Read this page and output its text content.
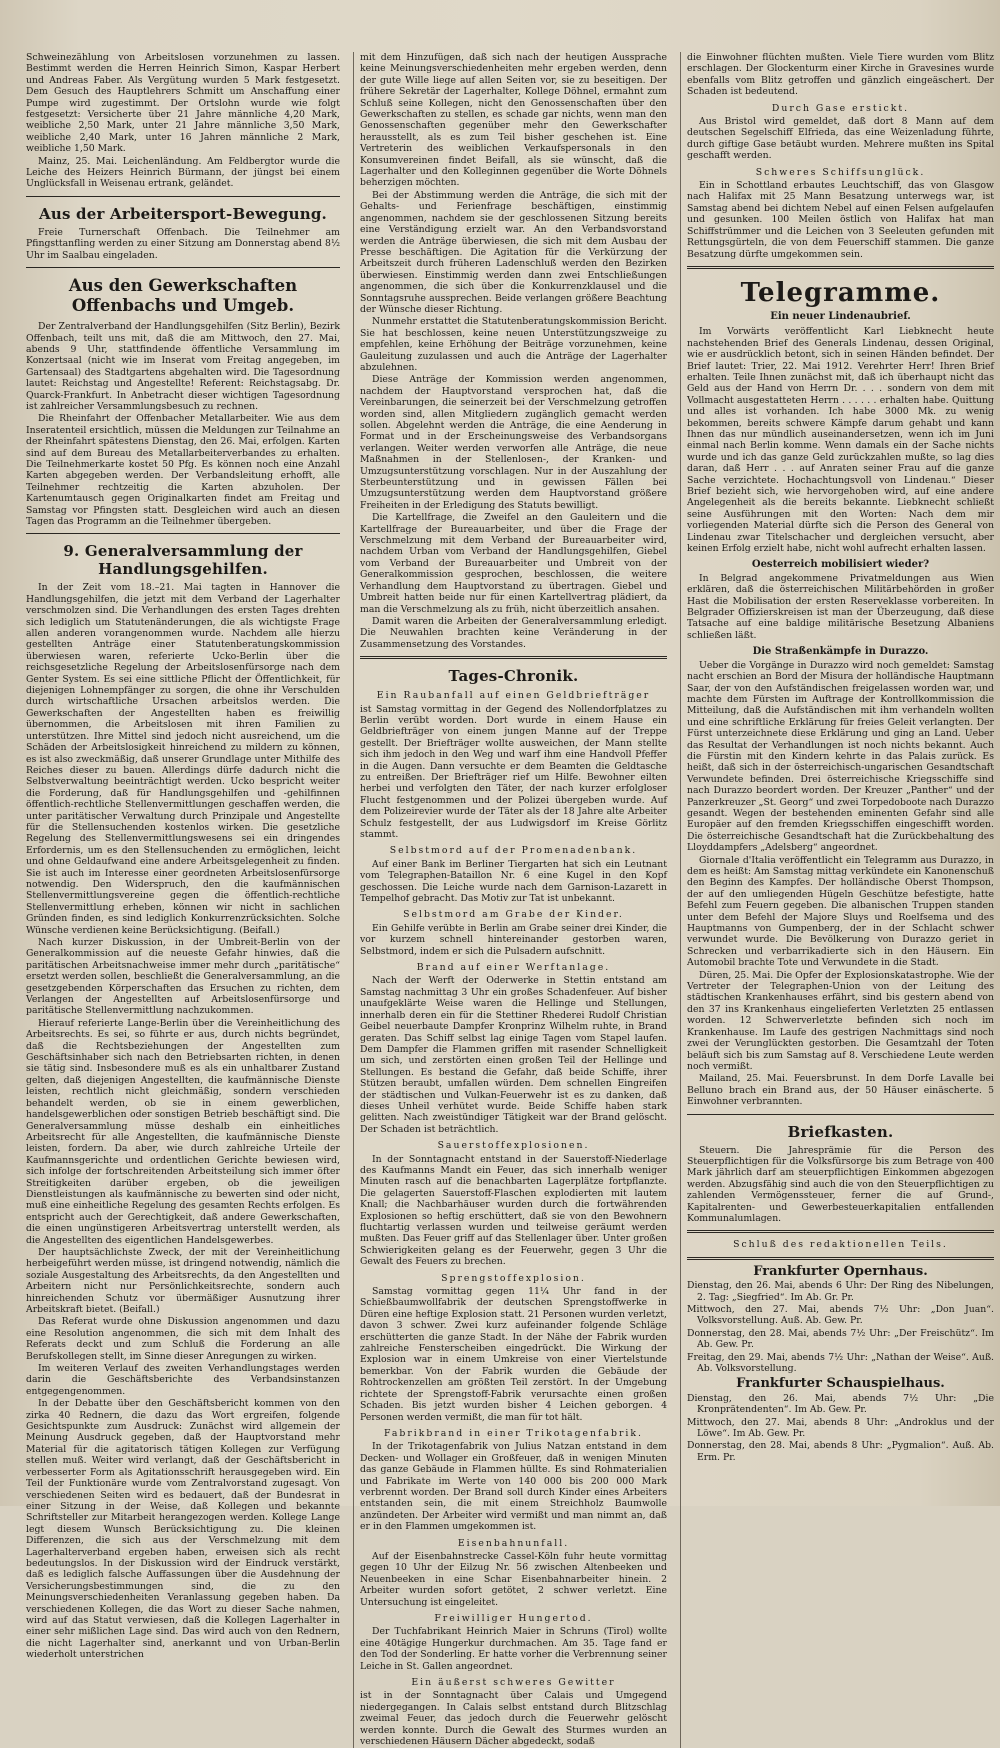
Schweinezählung von Arbeitslosen vorzunehmen zu lassen. Bestimmt werden die Herren Heinrich Simon, Kaspar Herbert und Andreas Faber. Als Vergütung wurden 5 Mark festgesetzt. Dem Gesuch des Hauptlehrers Schmitt um Anschaffung einer Pumpe wird zugestimmt. Der Ortslohn wurde wie folgt festgesetzt: Versicherte über 21 Jahre männliche 4,20 Mark, weibliche 2,50 Mark, unter 21 Jahre männliche 3,50 Mark, weibliche 2,40 Mark, unter 16 Jahren männliche 2 Mark, weibliche 1,50 Mark.

Mainz, 25. Mai. Leichenländung. Am Feldbergtor wurde die Leiche des Heizers Heinrich Bürmann, der jüngst bei einem Unglücksfall in Weisenau ertrank, geländet.

Aus der Arbeitersport-Bewegung.

Freie Turnerschaft Offenbach. Die Teilnehmer am Pfingsttanfling werden zu einer Sitzung am Donnerstag abend 8½ Uhr im Saalbau eingeladen.

Aus den Gewerkschaften Offenbachs und Umgeb.

Der Zentralverband der Handlungsgehilfen (Sitz Berlin), Bezirk Offenbach, teilt uns mit, daß die am Mittwoch, den 27. Mai, abends 9 Uhr, stattfindende öffentliche Versammlung im Konzertsaal (nicht wie im Inserat vom Freitag angegeben, im Gartensaal) des Stadtgartens abgehalten wird. Die Tagesordnung lautet: Reichstag und Angestellte! Referent: Reichstagsabg. Dr. Quarck-Frankfurt. In Anbetracht dieser wichtigen Tagesordnung ist zahlreicher Versammlungsbesuch zu rechnen.

Die Rheinfahrt der Offenbacher Metallarbeiter. Wie aus dem Inseratenteil ersichtlich, müssen die Meldungen zur Teilnahme an der Rheinfahrt spätestens Dienstag, den 26. Mai, erfolgen. Karten sind auf dem Bureau des Metallarbeiterverbandes zu erhalten. Die Teilnehmerkarte kostet 50 Pfg. Es können noch eine Anzahl Karten abgegeben werden. Der Verbandsleitung erhofft, alle Teilnehmer rechtzeitig die Karten abzuholen. Der Kartenumtausch gegen Originalkarten findet am Freitag und Samstag vor Pfingsten statt. Desgleichen wird auch an diesen Tagen das Programm an die Teilnehmer übergeben.

9. Generalversammlung der Handlungsgehilfen.

In der Zeit vom 18.–21. Mai tagten in Hannover die Handlungsgehilfen, die jetzt mit dem Verband der Lagerhalter verschmolzen sind. Die Verhandlungen des ersten Tages drehten sich lediglich um Statutenänderungen, die als wichtigste Frage allen anderen vorangenommen wurde. Nachdem alle hierzu gestellten Anträge einer Statutenberatungskommission überwiesen waren, referierte Ucko-Berlin über die reichsgesetzliche Regelung der Arbeitslosenfürsorge nach dem Genter System. Es sei eine sittliche Pflicht der Öffentlichkeit, für diejenigen Lohnempfänger zu sorgen, die ohne ihr Verschulden durch wirtschaftliche Ursachen arbeitslos werden. Die Gewerkschaften der Angestellten haben es freiwillig übernommen, die Arbeitslosen mit ihren Familien zu unterstützen. Ihre Mittel sind jedoch nicht ausreichend, um die Schäden der Arbeitslosigkeit hinreichend zu mildern zu können, es ist also zweckmäßig, daß unserer Grundlage unter Mithilfe des Reiches dieser zu bauen. Allerdings dürfe dadurch nicht die Selbstverwaltung beeinträchtigt werden. Ucko bespricht weiter die Forderung, daß für Handlungsgehilfen und -gehilfinnen öffentlich-rechtliche Stellenvermittlungen geschaffen werden, die unter paritätischer Verwaltung durch Prinzipale und Angestellte für die Stellensuchenden kostenlos wirken. Die gesetzliche Regelung des Stellenvermittlungswesens sei ein dringendes Erfordernis, um es den Stellensuchenden zu ermöglichen, leicht und ohne Geldaufwand eine andere Arbeitsgelegenheit zu finden. Sie ist auch im Interesse einer geordneten Arbeitslosenfürsorge notwendig. Den Widerspruch, den die kaufmännischen Stellenvermittlungsvereine gegen die öffentlich-rechtliche Stellenvermittlung erheben, können wir nicht in sachlichen Gründen finden, es sind lediglich Konkurrenzrücksichten. Solche Wünsche verdienen keine Berücksichtigung. (Beifall.)

Nach kurzer Diskussion, in der Umbreit-Berlin von der Generalkommission auf die neueste Gefahr hinwies, daß die paritätischen Arbeitsnachweise immer mehr durch „paritätische“ ersetzt werden sollen, beschließt die Generalversammlung, an die gesetzgebenden Körperschaften das Ersuchen zu richten, dem Verlangen der Angestellten auf Arbeitslosenfürsorge und paritätische Stellenvermittlung nachzukommen.

Hierauf referierte Lange-Berlin über die Vereinheitlichung des Arbeitsrechts. Es sei, so führte er aus, durch nichts begründet, daß die Rechtsbeziehungen der Angestellten zum Geschäftsinhaber sich nach den Betriebsarten richten, in denen sie tätig sind. Insbesondere muß es als ein unhaltbarer Zustand gelten, daß diejenigen Angestellten, die kaufmännische Dienste leisten, rechtlich nicht gleichmäßig, sondern verschieden behandelt werden, ob sie in einem gewerblichen, handelsgewerblichen oder sonstigen Betrieb beschäftigt sind. Die Generalversammlung müsse deshalb ein einheitliches Arbeitsrecht für alle Angestellten, die kaufmännische Dienste leisten, fordern. Da aber, wie durch zahlreiche Urteile der Kaufmannsgerichte und ordentlichen Gerichte bewiesen wird, sich infolge der fortschreitenden Arbeitsteilung sich immer öfter Streitigkeiten darüber ergeben, ob die jeweiligen Dienstleistungen als kaufmännische zu bewerten sind oder nicht, muß eine einheitliche Regelung des gesamten Rechts erfolgen. Es entspricht auch der Gerechtigkeit, daß andere Gewerkschaften, die einen ungünstigeren Arbeitsvertrag unterstellt werden, als die Angestellten des eigentlichen Handelsgewerbes.

Der hauptsächlichste Zweck, der mit der Vereinheitlichung herbeigeführt werden müsse, ist dringend notwendig, nämlich die soziale Ausgestaltung des Arbeitsrechts, da den Angestellten und Arbeitern nicht nur Persönlichkeitsrechte, sondern auch hinreichenden Schutz vor übermäßiger Ausnutzung ihrer Arbeitskraft bietet. (Beifall.)

Das Referat wurde ohne Diskussion angenommen und dazu eine Resolution angenommen, die sich mit dem Inhalt des Referats deckt und zum Schluß die Forderung an alle Berufskollegen stellt, im Sinne dieser Anregungen zu wirken.

Im weiteren Verlauf des zweiten Verhandlungstages werden darin die Geschäftsberichte des Verbandsinstanzen entgegengenommen.

In der Debatte über den Geschäftsbericht kommen von den zirka 40 Rednern, die dazu das Wort ergreifen, folgende Gesichtspunkte zum Ausdruck: Zunächst wird allgemein der Meinung Ausdruck gegeben, daß der Hauptvorstand mehr Material für die agitatorisch tätigen Kollegen zur Verfügung stellen muß. Weiter wird verlangt, daß der Geschäftsbericht in verbesserter Form als Agitationsschrift herausgegeben wird. Ein Teil der Funktionäre wurde vom Zentralvorstand zugesagt. Von verschiedenen Seiten wird es bedauert, daß der Bundesrat in einer Sitzung in der Weise, daß Kollegen und bekannte Schriftsteller zur Mitarbeit herangezogen werden. Kollege Lange legt diesem Wunsch Berücksichtigung zu. Die kleinen Differenzen, die sich aus der Verschmelzung mit dem Lagerhalterverband ergeben haben, erweisen sich als recht bedeutungslos. In der Diskussion wird der Eindruck verstärkt, daß es lediglich falsche Auffassungen über die Ausdehnung der Versicherungsbestimmungen sind, die zu den Meinungsverschiedenheiten Veranlassung gegeben haben. Da verschiedenen Kollegen, die das Wort zu dieser Sache nahmen, wird auf das Statut verwiesen, daß die Kollegen Lagerhalter in einer sehr mißlichen Lage sind. Das wird auch von den Rednern, die nicht Lagerhalter sind, anerkannt und von Urban-Berlin wiederholt unterstrichen

mit dem Hinzufügen, daß sich nach der heutigen Aussprache keine Meinungsverschiedenheiten mehr ergeben werden, denn der gute Wille liege auf allen Seiten vor, sie zu beseitigen. Der frühere Sekretär der Lagerhalter, Kollege Döhnel, ermahnt zum Schluß seine Kollegen, nicht den Genossenschaften über den Gewerkschaften zu stellen, es schade gar nichts, wenn man den Genossenschaften gegenüber mehr den Gewerkschafter herausstellt, als es zum Teil bisher geschehen ist. Eine Vertreterin des weiblichen Verkaufspersonals in den Konsumvereinen findet Beifall, als sie wünscht, daß die Lagerhalter und den Kolleginnen gegenüber die Worte Döhnels beherzigen möchten.

Bei der Abstimmung werden die Anträge, die sich mit der Gehalts- und Ferienfrage beschäftigen, einstimmig angenommen, nachdem sie der geschlossenen Sitzung bereits eine Verständigung erzielt war. An den Verbandsvorstand werden die Anträge überwiesen, die sich mit dem Ausbau der Presse beschäftigen. Die Agitation für die Verkürzung der Arbeitszeit durch früheren Ladenschluß werden den Bezirken überwiesen. Einstimmig werden dann zwei Entschließungen angenommen, die sich über die Konkurrenzklausel und die Sonntagsruhe aussprechen. Beide verlangen größere Beachtung der Wünsche dieser Richtung.

Nunmehr erstattet die Statutenberatungskommission Bericht. Sie hat beschlossen, keine neuen Unterstützungszweige zu empfehlen, keine Erhöhung der Beiträge vorzunehmen, keine Gauleitung zuzulassen und auch die Anträge der Lagerhalter abzulehnen.

Diese Anträge der Kommission werden angenommen, nachdem der Hauptvorstand versprochen hat, daß die Vereinbarungen, die seinerzeit bei der Verschmelzung getroffen worden sind, allen Mitgliedern zugänglich gemacht werden sollen. Abgelehnt werden die Anträge, die eine Aenderung in Format und in der Erscheinungsweise des Verbandsorgans verlangen. Weiter werden verworfen alle Anträge, die neue Maßnahmen in der Stellenlosen-, der Kranken- und Umzugsunterstützung vorschlagen. Nur in der Auszahlung der Sterbeunterstützung und in gewissen Fällen bei Umzugsunterstützung werden dem Hauptvorstand größere Freiheiten in der Erledigung des Statuts bewilligt.

Die Kartellfrage, die Zweifel an den Gauleitern und die Kartellfrage der Bureauarbeiter, und über die Frage der Verschmelzung mit dem Verband der Bureauarbeiter wird, nachdem Urban vom Verband der Handlungsgehilfen, Giebel vom Verband der Bureauarbeiter und Umbreit von der Generalkommission gesprochen, beschlossen, die weitere Verhandlung dem Hauptvorstand zu übertragen. Giebel und Umbreit hatten beide nur für einen Kartellvertrag plädiert, da man die Verschmelzung als zu früh, nicht überzeitlich ansahen.

Damit waren die Arbeiten der Generalversammlung erledigt. Die Neuwahlen brachten keine Veränderung in der Zusammensetzung des Vorstandes.

Tages-Chronik.
Ein Raubanfall auf einen Geldbriefträger

ist Samstag vormittag in der Gegend des Nollendorfplatzes zu Berlin verübt worden. Dort wurde in einem Hause ein Geldbriefträger von einem jungen Manne auf der Treppe gestellt. Der Briefträger wollte ausweichen, der Mann stellte sich ihm jedoch in den Weg und warf ihm eine Handvoll Pfeffer in die Augen. Dann versuchte er dem Beamten die Geldtasche zu entreißen. Der Briefträger rief um Hilfe. Bewohner eilten herbei und verfolgten den Täter, der nach kurzer erfolgloser Flucht festgenommen und der Polizei übergeben wurde. Auf dem Polizeirevier wurde der Täter als der 18 Jahre alte Arbeiter Schulz festgestellt, der aus Ludwigsdorf im Kreise Görlitz stammt.

Selbstmord auf der Promenadenbank.

Auf einer Bank im Berliner Tiergarten hat sich ein Leutnant vom Telegraphen-Bataillon Nr. 6 eine Kugel in den Kopf geschossen. Die Leiche wurde nach dem Garnison-Lazarett in Tempelhof gebracht. Das Motiv zur Tat ist unbekannt.

Selbstmord am Grabe der Kinder.

Ein Gehilfe verübte in Berlin am Grabe seiner drei Kinder, die vor kurzem schnell hintereinander gestorben waren, Selbstmord, indem er sich die Pulsadern aufschnitt.

Brand auf einer Werftanlage.

Nach der Werft der Oderwerke in Stettin entstand am Samstag nachmittag 3 Uhr ein großes Schadenfeuer. Auf bisher unaufgeklärte Weise waren die Hellinge und Stellungen, innerhalb deren ein für die Stettiner Rhederei Rudolf Christian Geibel neuerbaute Dampfer Kronprinz Wilhelm ruhte, in Brand geraten. Das Schiff selbst lag einige Tagen vom Stapel laufen. Dem Dampfer die Flammen griffen mit rasender Schnelligkeit um sich, und zerstörten einen großen Teil der Hellinge und Stellungen. Es bestand die Gefahr, daß beide Schiffe, ihrer Stützen beraubt, umfallen würden. Dem schnellen Eingreifen der städtischen und Vulkan-Feuerwehr ist es zu danken, daß dieses Unheil verhütet wurde. Beide Schiffe haben stark gelitten. Nach zweistündiger Tätigkeit war der Brand gelöscht. Der Schaden ist beträchtlich.

Sauerstoffexplosionen.

In der Sonntagnacht entstand in der Sauerstoff-Niederlage des Kaufmanns Mandt ein Feuer, das sich innerhalb weniger Minuten rasch auf die benachbarten Lagerplätze fortpflanzte. Die gelagerten Sauerstoff-Flaschen explodierten mit lautem Knall; die Nachbarhäuser wurden durch die fortwährenden Explosionen so heftig erschüttert, daß sie von den Bewohnern fluchtartig verlassen wurden und teilweise geräumt werden mußten. Das Feuer griff auf das Stellenlager über. Unter großen Schwierigkeiten gelang es der Feuerwehr, gegen 3 Uhr die Gewalt des Feuers zu brechen.

Sprengstoffexplosion.

Samstag vormittag gegen 11¼ Uhr fand in der Schießbaumwollfabrik der deutschen Sprengstoffwerke in Düren eine heftige Explosion statt. 21 Personen wurden verletzt, davon 3 schwer. Zwei kurz aufeinander folgende Schläge erschütterten die ganze Stadt. In der Nähe der Fabrik wurden zahlreiche Fensterscheiben eingedrückt. Die Wirkung der Explosion war in einem Umkreise von einer Viertelstunde bemerkbar. Von der Fabrik wurden die Gebäude der Rohtrockenzellen am größten Teil zerstört. In der Umgebung richtete der Sprengstoff-Fabrik verursachte einen großen Schaden. Bis jetzt wurden bisher 4 Leichen geborgen. 4 Personen werden vermißt, die man für tot hält.

Fabrikbrand in einer Trikotagenfabrik.

In der Trikotagenfabrik von Julius Natzan entstand in dem Decken- und Wollager ein Großfeuer, daß in wenigen Minuten das ganze Gebäude in Flammen hüllte. Es sind Rohmaterialien und Fabrikate im Werte von 140 000 bis 200 000 Mark verbrennt worden. Der Brand soll durch Kinder eines Arbeiters entstanden sein, die mit einem Streichholz Baumwolle anzündeten. Der Arbeiter wird vermißt und man nimmt an, daß er in den Flammen umgekommen ist.

Eisenbahnunfall.

Auf der Eisenbahnstrecke Cassel-Köln fuhr heute vormittag gegen 10 Uhr der Eilzug Nr. 56 zwischen Altenbeeken und Neuenbeeken in eine Schar Eisenbahnarbeiter hinein. 2 Arbeiter wurden sofort getötet, 2 schwer verletzt. Eine Untersuchung ist eingeleitet.

Freiwilliger Hungertod.

Der Tuchfabrikant Heinrich Maier in Schruns (Tirol) wollte eine 40tägige Hungerkur durchmachen. Am 35. Tage fand er den Tod der Sonderling. Er hatte vorher die Verbrennung seiner Leiche in St. Gallen angeordnet.

Ein äußerst schweres Gewitter

ist in der Sonntagnacht über Calais und Umgegend niedergegangen. In Calais selbst entstand durch Blitzschlag zweimal Feuer, das jedoch durch die Feuerwehr gelöscht werden konnte. Durch die Gewalt des Sturmes wurden an verschiedenen Häusern Dächer abgedeckt, sodaß

die Einwohner flüchten mußten. Viele Tiere wurden vom Blitz erschlagen. Der Glockenturm einer Kirche in Gravesines wurde ebenfalls vom Blitz getroffen und gänzlich eingeäschert. Der Schaden ist bedeutend.

Durch Gase erstickt.

Aus Bristol wird gemeldet, daß dort 8 Mann auf dem deutschen Segelschiff Elfrieda, das eine Weizenladung führte, durch giftige Gase betäubt wurden. Mehrere mußten ins Spital geschafft werden.

Schweres Schiffsunglück.

Ein in Schottland erbautes Leuchtschiff, das von Glasgow nach Halifax mit 25 Mann Besatzung unterwegs war, ist Samstag abend bei dichtem Nebel auf einen Felsen aufgelaufen und gesunken. 100 Meilen östlich von Halifax hat man Schiffstrümmer und die Leichen von 3 Seeleuten gefunden mit Rettungsgürteln, die von dem Feuerschiff stammen. Die ganze Besatzung dürfte umgekommen sein.

Telegramme.
Ein neuer Lindenaubrief.

Im Vorwärts veröffentlicht Karl Liebknecht heute nachstehenden Brief des Generals Lindenau, dessen Original, wie er ausdrücklich betont, sich in seinen Händen befindet. Der Brief lautet: Trier, 22. Mai 1912. Verehrter Herr! Ihren Brief erhalten. Teile Ihnen zunächst mit, daß ich überhaupt nicht das Geld aus der Hand von Herrn Dr. . . . sondern von dem mit Vollmacht ausgestatteten Herrn . . . . . . erhalten habe. Quittung und alles ist vorhanden. Ich habe 3000 Mk. zu wenig bekommen, bereits schwere Kämpfe darum gehabt und kann Ihnen das nur mündlich auseinandersetzen, wenn ich im Juni einmal nach Berlin komme. Wenn damals ein der Sache nichts wurde und ich das ganze Geld zurückzahlen mußte, so lag dies daran, daß Herr . . . auf Anraten seiner Frau auf die ganze Sache verzichtete. Hochachtungsvoll von Lindenau.“ Dieser Brief bezieht sich, wie hervorgehoben wird, auf eine andere Angelegenheit als die bereits bekannte. Liebknecht schließt seine Ausführungen mit den Worten: Nach dem mir vorliegenden Material dürfte sich die Person des General von Lindenau zwar Titelschacher und dergleichen versucht, aber keinen Erfolg erzielt habe, nicht wohl aufrecht erhalten lassen.

Oesterreich mobilisiert wieder?

In Belgrad angekommene Privatmeldungen aus Wien erklären, daß die österreichischen Militärbehörden in großer Hast die Mobilisation der ersten Reserveklasse vorbereiten. In Belgrader Offizierskreisen ist man der Überzeugung, daß diese Tatsache auf eine baldige militärische Besetzung Albaniens schließen läßt.

Die Straßenkämpfe in Durazzo.

Ueber die Vorgänge in Durazzo wird noch gemeldet: Samstag nacht erschien an Bord der Misura der holländische Hauptmann Saar, der von den Aufständischen freigelassen worden war, und machte dem Fürsten im Auftrage der Kontrollkommission die Mitteilung, daß die Aufständischen mit ihm verhandeln wollten und eine schriftliche Erklärung für freies Geleit verlangten. Der Fürst unterzeichnete diese Erklärung und ging an Land. Ueber das Resultat der Verhandlungen ist noch nichts bekannt. Auch die Fürstin mit den Kindern kehrte in das Palais zurück. Es heißt, daß sich in der österreichisch-ungarischen Gesandtschaft Verwundete befinden. Drei österreichische Kriegsschiffe sind nach Durazzo beordert worden. Der Kreuzer „Panther“ und der Panzerkreuzer „St. Georg“ und zwei Torpedoboote nach Durazzo gesandt. Wegen der bestehenden eminenten Gefahr sind alle Europäer auf den fremden Kriegsschiffen eingeschifft worden. Die österreichische Gesandtschaft hat die Zurückbehaltung des Lloyddampfers „Adelsberg“ angeordnet.

Giornale d'Italia veröffentlicht ein Telegramm aus Durazzo, in dem es heißt: Am Samstag mittag verkündete ein Kanonenschuß den Beginn des Kampfes. Der holländische Oberst Thompson, der auf den umliegenden Hügeln Geschütze befestigte, hatte Befehl zum Feuern gegeben. Die albanischen Truppen standen unter dem Befehl der Majore Sluys und Roelfsema und des Hauptmanns von Gumpenberg, der in der Schlacht schwer verwundet wurde. Die Bevölkerung von Durazzo geriet in Schrecken und verbarrikadierte sich in den Häusern. Ein Automobil brachte Tote und Verwundete in die Stadt.

Düren, 25. Mai. Die Opfer der Explosionskatastrophe. Wie der Vertreter der Telegraphen-Union von der Leitung des städtischen Krankenhauses erfährt, sind bis gestern abend von den 37 ins Krankenhaus eingelieferten Verletzten 25 entlassen worden. 12 Schwerverletzte befinden sich noch im Krankenhause. Im Laufe des gestrigen Nachmittags sind noch zwei der Verunglückten gestorben. Die Gesamtzahl der Toten beläuft sich bis zum Samstag auf 8. Verschiedene Leute werden noch vermißt.

Mailand, 25. Mai. Feuersbrunst. In dem Dorfe Lavalle bei Belluno brach ein Brand aus, der 50 Häuser einäscherte. 5 Einwohner verbrannten.

Briefkasten.

Steuern. Die Jahresprämie für die Person des Steuerpflichtigen für die Volksfürsorge bis zum Betrage von 400 Mark jährlich darf am steuerpflichtigen Einkommen abgezogen werden. Abzugsfähig sind auch die von den Steuerpflichtigen zu zahlenden Vermögenssteuer, ferner die auf Grund-, Kapitalrenten- und Gewerbesteuerkapitalien entfallenden Kommunalumlagen.

Schluß des redaktionellen Teils.
Frankfurter Opernhaus.

Dienstag, den 26. Mai, abends 6 Uhr: Der Ring des Nibelungen, 2. Tag: „Siegfried“. Im Ab. Gr. Pr.

Mittwoch, den 27. Mai, abends 7½ Uhr: „Don Juan“. Volksvorstellung. Auß. Ab. Gew. Pr.

Donnerstag, den 28. Mai, abends 7½ Uhr: „Der Freischütz“. Im Ab. Gew. Pr.

Freitag, den 29. Mai, abends 7½ Uhr: „Nathan der Weise“. Auß. Ab. Volksvorstellung.

Frankfurter Schauspielhaus.

Dienstag, den 26. Mai, abends 7½ Uhr: „Die Kronprätendenten“. Im Ab. Gew. Pr.

Mittwoch, den 27. Mai, abends 8 Uhr: „Androklus und der Löwe“. Im Ab. Gew. Pr.

Donnerstag, den 28. Mai, abends 8 Uhr: „Pygmalion“. Auß. Ab. Erm. Pr.
